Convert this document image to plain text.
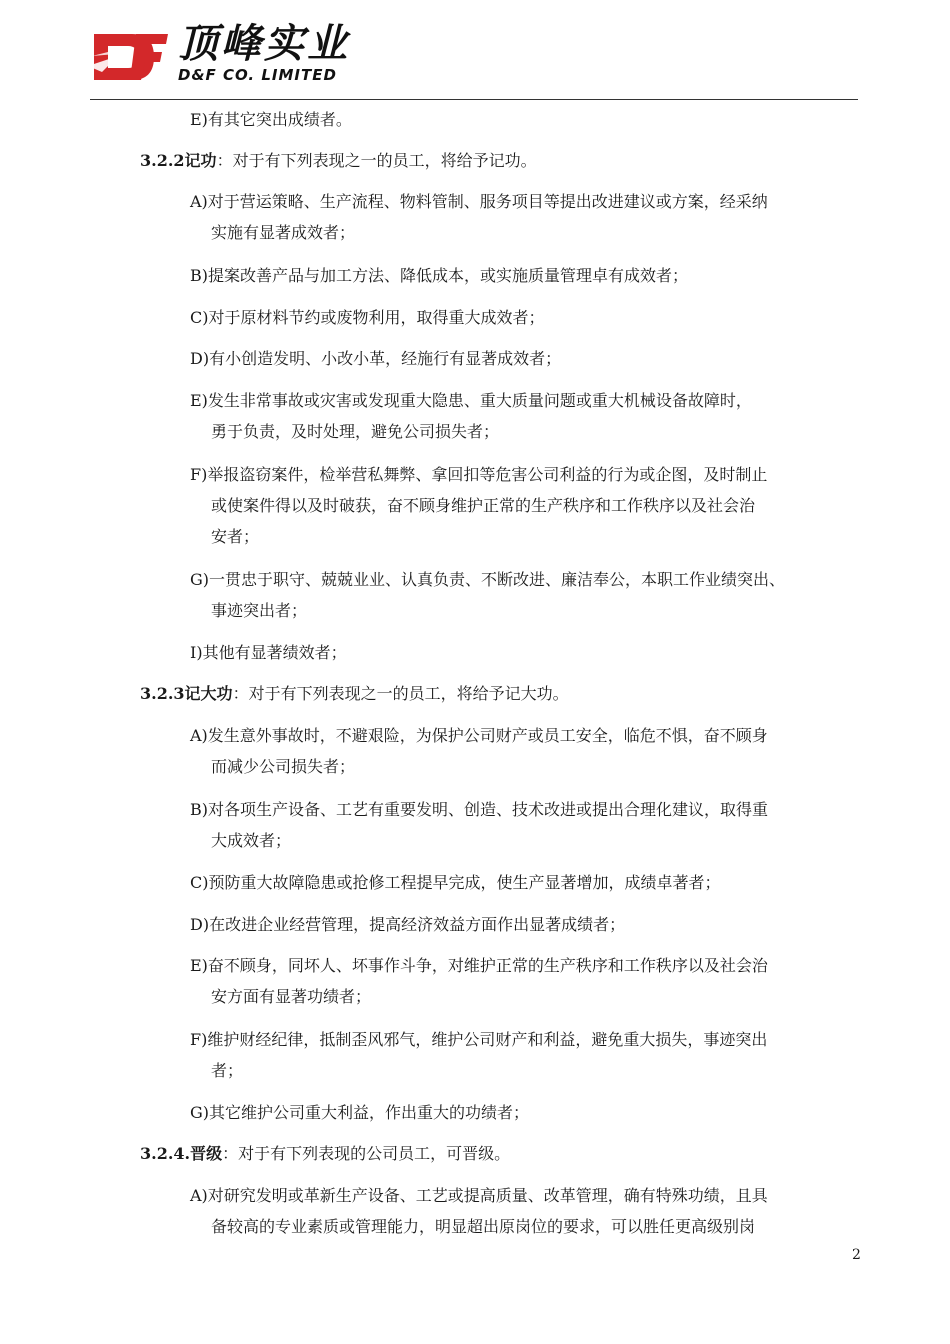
顶峰实业
D&F CO. LIMITED
E)有其它突出成绩者。
3.2.2记功：对于有下列表现之一的员工，将给予记功。
A)对于营运策略、生产流程、物料管制、服务项目等提出改进建议或方案，经采纳
实施有显著成效者；
B)提案改善产品与加工方法、降低成本，或实施质量管理卓有成效者；
C)对于原材料节约或废物利用，取得重大成效者；
D)有小创造发明、小改小革，经施行有显著成效者；
E)发生非常事故或灾害或发现重大隐患、重大质量问题或重大机械设备故障时，
勇于负责，及时处理，避免公司损失者；
F)举报盗窃案件，检举营私舞弊、拿回扣等危害公司利益的行为或企图，及时制止
或使案件得以及时破获，奋不顾身维护正常的生产秩序和工作秩序以及社会治
安者；
G)一贯忠于职守、兢兢业业、认真负责、不断改进、廉洁奉公，本职工作业绩突出、
事迹突出者；
I)其他有显著绩效者；
3.2.3记大功：对于有下列表现之一的员工，将给予记大功。
A)发生意外事故时，不避艰险，为保护公司财产或员工安全，临危不惧，奋不顾身
而减少公司损失者；
B)对各项生产设备、工艺有重要发明、创造、技术改进或提出合理化建议，取得重
大成效者；
C)预防重大故障隐患或抢修工程提早完成，使生产显著增加，成绩卓著者；
D)在改进企业经营管理，提高经济效益方面作出显著成绩者；
E)奋不顾身，同坏人、坏事作斗争，对维护正常的生产秩序和工作秩序以及社会治
安方面有显著功绩者；
F)维护财经纪律，抵制歪风邪气，维护公司财产和利益，避免重大损失，事迹突出
者；
G)其它维护公司重大利益，作出重大的功绩者；
3.2.4.晋级：对于有下列表现的公司员工，可晋级。
A)对研究发明或革新生产设备、工艺或提高质量、改革管理，确有特殊功绩，且具
备较高的专业素质或管理能力，明显超出原岗位的要求，可以胜任更高级别岗
2
